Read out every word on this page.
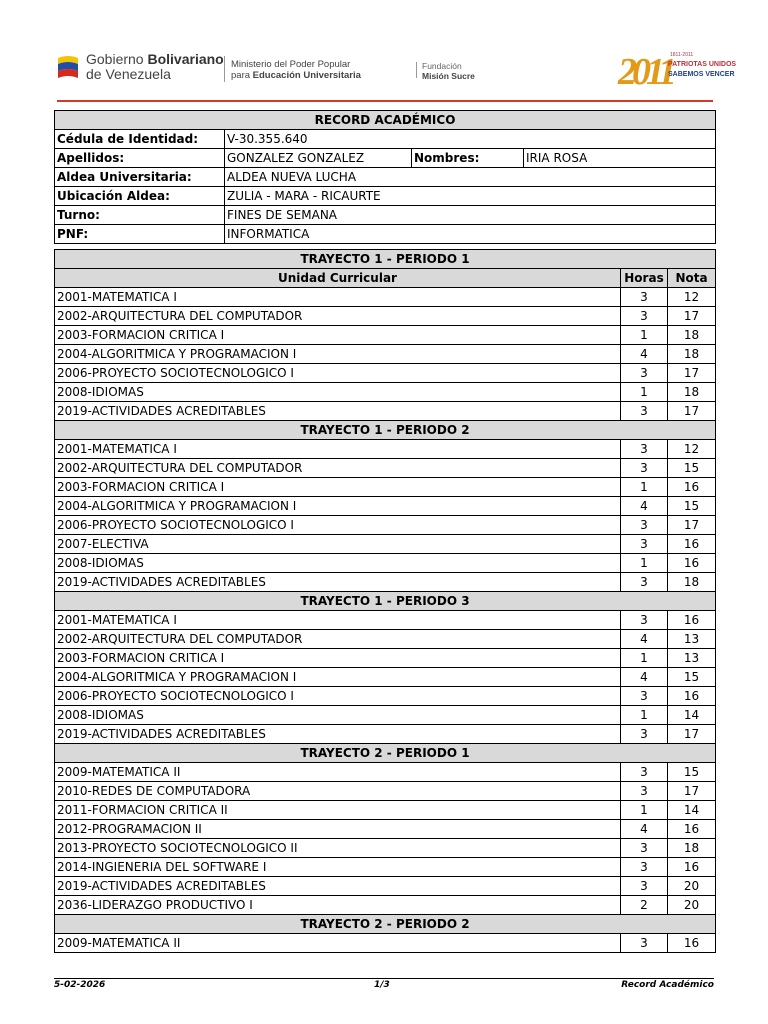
Gobierno Bolivariano
de Venezuela
Ministerio del Poder Popular
para Educación Universitaria
Fundación
Misión Sucre	2011
1811-2011
PATRIOTAS UNIDOS
SABEMOS VENCER
RECORD ACADÉMICO			
Cédula de Identidad:	V-30.355.640		
Apellidos:	GONZALEZ GONZALEZ	Nombres:	IRIA ROSA
Aldea Universitaria:	ALDEA NUEVA LUCHA		
Ubicación Aldea:	ZULIA - MARA - RICAURTE		
Turno:	FINES DE SEMANA		
PNF:	INFORMATICA		
TRAYECTO 1 - PERIODO 1		
Unidad Curricular	Horas	Nota
2001-MATEMATICA I	3	12
2002-ARQUITECTURA DEL COMPUTADOR	3	17
2003-FORMACION CRITICA I	1	18
2004-ALGORITMICA Y PROGRAMACION I	4	18
2006-PROYECTO SOCIOTECNOLOGICO I	3	17
2008-IDIOMAS	1	18
2019-ACTIVIDADES ACREDITABLES	3	17
TRAYECTO 1 - PERIODO 2		
2001-MATEMATICA I	3	12
2002-ARQUITECTURA DEL COMPUTADOR	3	15
2003-FORMACION CRITICA I	1	16
2004-ALGORITMICA Y PROGRAMACION I	4	15
2006-PROYECTO SOCIOTECNOLOGICO I	3	17
2007-ELECTIVA	3	16
2008-IDIOMAS	1	16
2019-ACTIVIDADES ACREDITABLES	3	18
TRAYECTO 1 - PERIODO 3		
2001-MATEMATICA I	3	16
2002-ARQUITECTURA DEL COMPUTADOR	4	13
2003-FORMACION CRITICA I	1	13
2004-ALGORITMICA Y PROGRAMACION I	4	15
2006-PROYECTO SOCIOTECNOLOGICO I	3	16
2008-IDIOMAS	1	14
2019-ACTIVIDADES ACREDITABLES	3	17
TRAYECTO 2 - PERIODO 1		
2009-MATEMATICA II	3	15
2010-REDES DE COMPUTADORA	3	17
2011-FORMACION CRITICA II	1	14
2012-PROGRAMACION II	4	16
2013-PROYECTO SOCIOTECNOLOGICO II	3	18
2014-INGIENERIA DEL SOFTWARE I	3	16
2019-ACTIVIDADES ACREDITABLES	3	20
2036-LIDERAZGO PRODUCTIVO I	2	20
TRAYECTO 2 - PERIODO 2		
2009-MATEMATICA II	3	16
5-02-2026	1/3	Record Académico
